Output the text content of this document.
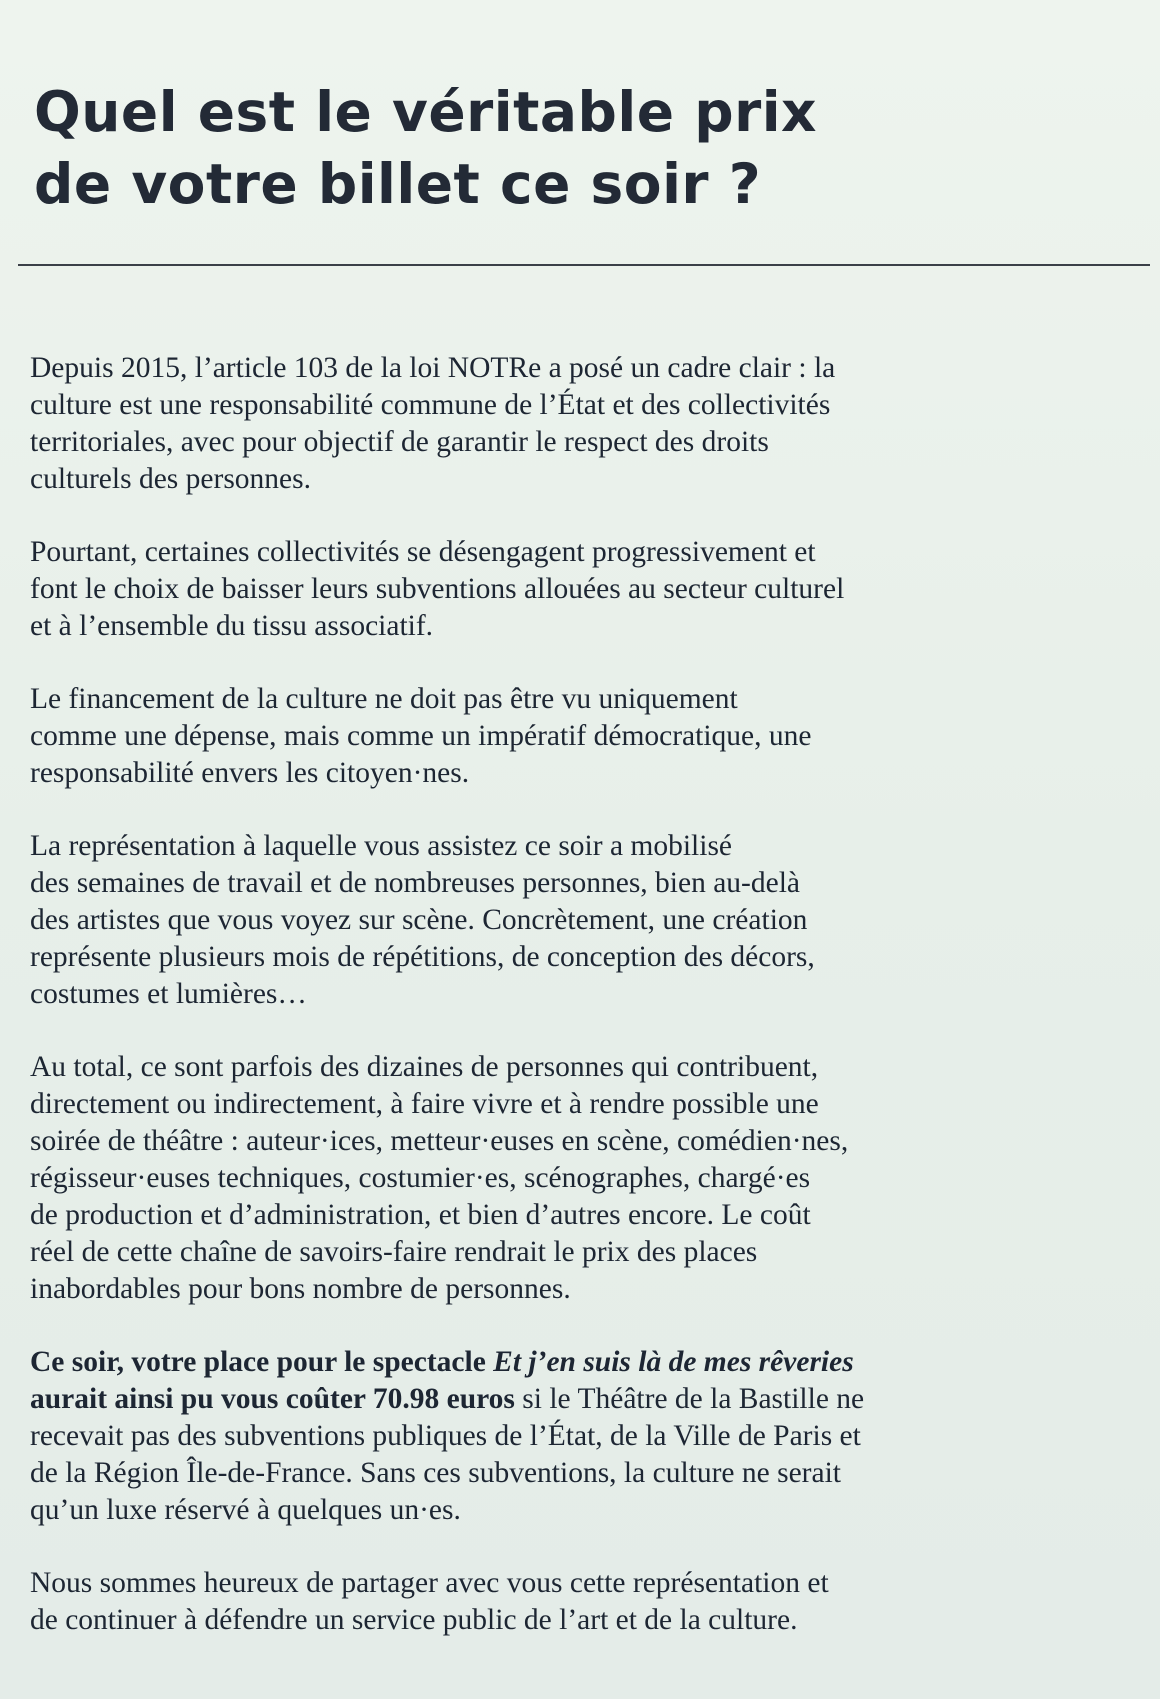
Quel est le véritable prix
de votre billet ce soir ?

Depuis 2015, l’article 103 de la loi NOTRe a posé un cadre clair : la
culture est une responsabilité commune de l’État et des collectivités
territoriales, avec pour objectif de garantir le respect des droits
culturels des personnes.

Pourtant, certaines collectivités se désengagent progressivement et
font le choix de baisser leurs subventions allouées au secteur culturel
et à l’ensemble du tissu associatif.

Le financement de la culture ne doit pas être vu uniquement
comme une dépense, mais comme un impératif démocratique, une
responsabilité envers les citoyen·nes.

La représentation à laquelle vous assistez ce soir a mobilisé
des semaines de travail et de nombreuses personnes, bien au-delà
des artistes que vous voyez sur scène. Concrètement, une création
représente plusieurs mois de répétitions, de conception des décors,
costumes et lumières…

Au total, ce sont parfois des dizaines de personnes qui contribuent,
directement ou indirectement, à faire vivre et à rendre possible une
soirée de théâtre : auteur·ices, metteur·euses en scène, comédien·nes,
régisseur·euses techniques, costumier·es, scénographes, chargé·es
de production et d’administration, et bien d’autres encore. Le coût
réel de cette chaîne de savoirs-faire rendrait le prix des places
inabordables pour bons nombre de personnes.

Ce soir, votre place pour le spectacle Et j’en suis là de mes rêveries
aurait ainsi pu vous coûter 70.98 euros si le Théâtre de la Bastille ne
recevait pas des subventions publiques de l’État, de la Ville de Paris et
de la Région Île-de-France. Sans ces subventions, la culture ne serait
qu’un luxe réservé à quelques un·es.

Nous sommes heureux de partager avec vous cette représentation et
de continuer à défendre un service public de l’art et de la culture.
